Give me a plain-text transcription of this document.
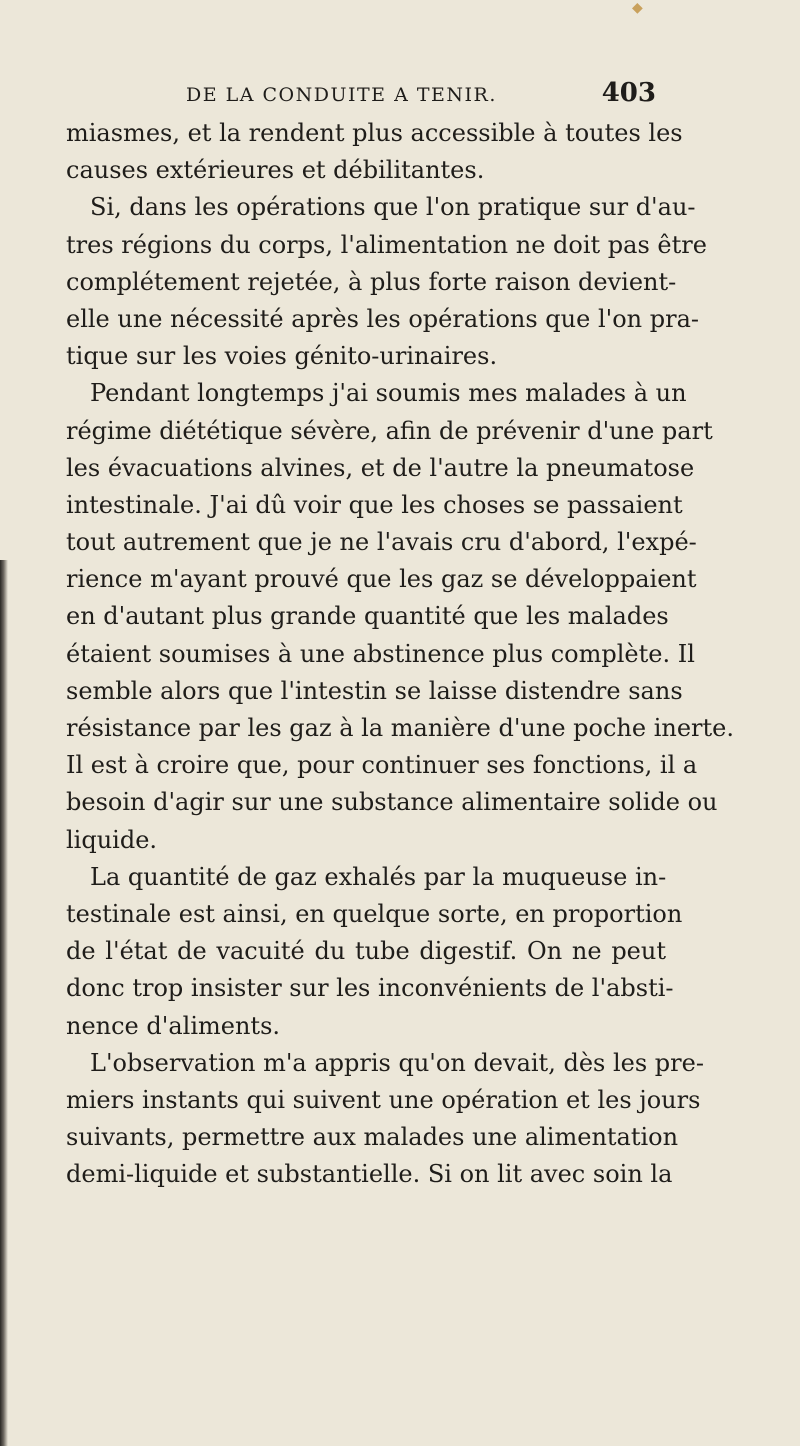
◆
DE LA CONDUITE A TENIR.	403
miasmes, et la rendent plus accessible à toutes les
causes extérieures et débilitantes.
Si, dans les opérations que l'on pratique sur d'au-
tres régions du corps, l'alimentation ne doit pas être
complétement rejetée, à plus forte raison devient-
elle une nécessité après les opérations que l'on pra-
tique sur les voies génito-urinaires.
Pendant longtemps j'ai soumis mes malades à un
régime diététique sévère, afin de prévenir d'une part
les évacuations alvines, et de l'autre la pneumatose
intestinale. J'ai dû voir que les choses se passaient
tout autrement que je ne l'avais cru d'abord, l'expé-
rience m'ayant prouvé que les gaz se développaient
en d'autant plus grande quantité que les malades
étaient soumises à une abstinence plus complète. Il
semble alors que l'intestin se laisse distendre sans
résistance par les gaz à la manière d'une poche inerte.
Il est à croire que, pour continuer ses fonctions, il a
besoin d'agir sur une substance alimentaire solide ou
liquide.
La quantité de gaz exhalés par la muqueuse in-
testinale est ainsi, en quelque sorte, en proportion
de l'état de vacuité du tube digestif. On ne peut
donc trop insister sur les inconvénients de l'absti-
nence d'aliments.
L'observation m'a appris qu'on devait, dès les pre-
miers instants qui suivent une opération et les jours
suivants, permettre aux malades une alimentation
demi-liquide et substantielle. Si on lit avec soin la
